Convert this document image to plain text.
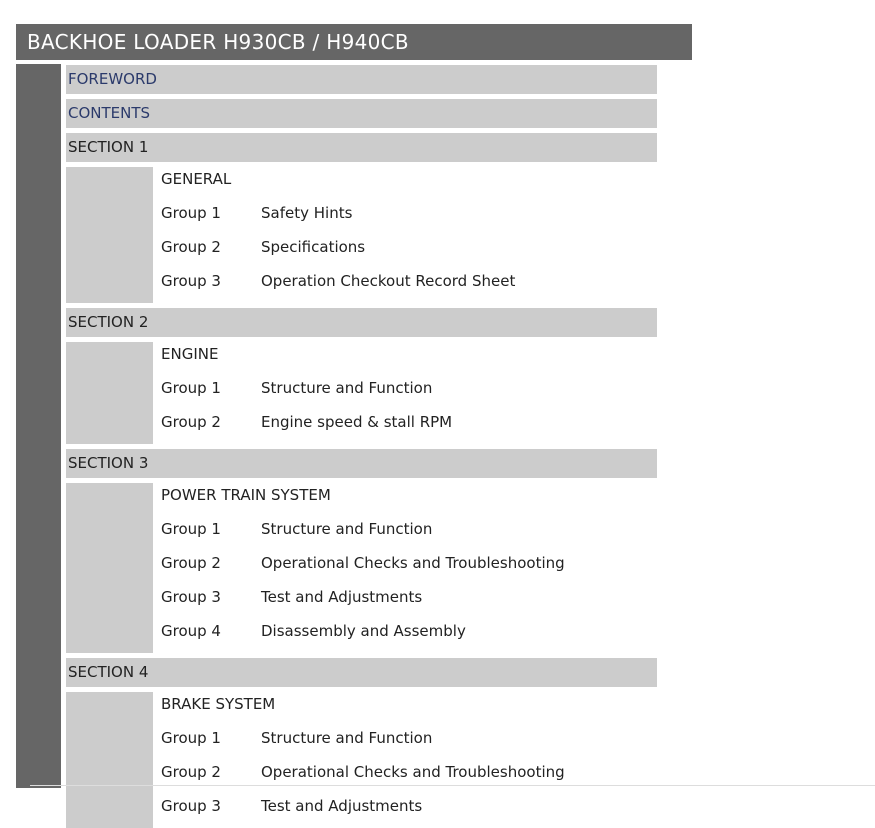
BACKHOE LOADER H930CB / H940CB
FOREWORD
CONTENTS
SECTION 1
GENERAL
Group 1	Safety Hints
Group 2	Specifications
Group 3	Operation Checkout Record Sheet
SECTION 2
ENGINE
Group 1	Structure and Function
Group 2	Engine speed & stall RPM
SECTION 3
POWER TRAIN SYSTEM
Group 1	Structure and Function
Group 2	Operational Checks and Troubleshooting
Group 3	Test and Adjustments
Group 4	Disassembly and Assembly
SECTION 4
BRAKE SYSTEM
Group 1	Structure and Function
Group 2	Operational Checks and Troubleshooting
Group 3	Test and Adjustments
